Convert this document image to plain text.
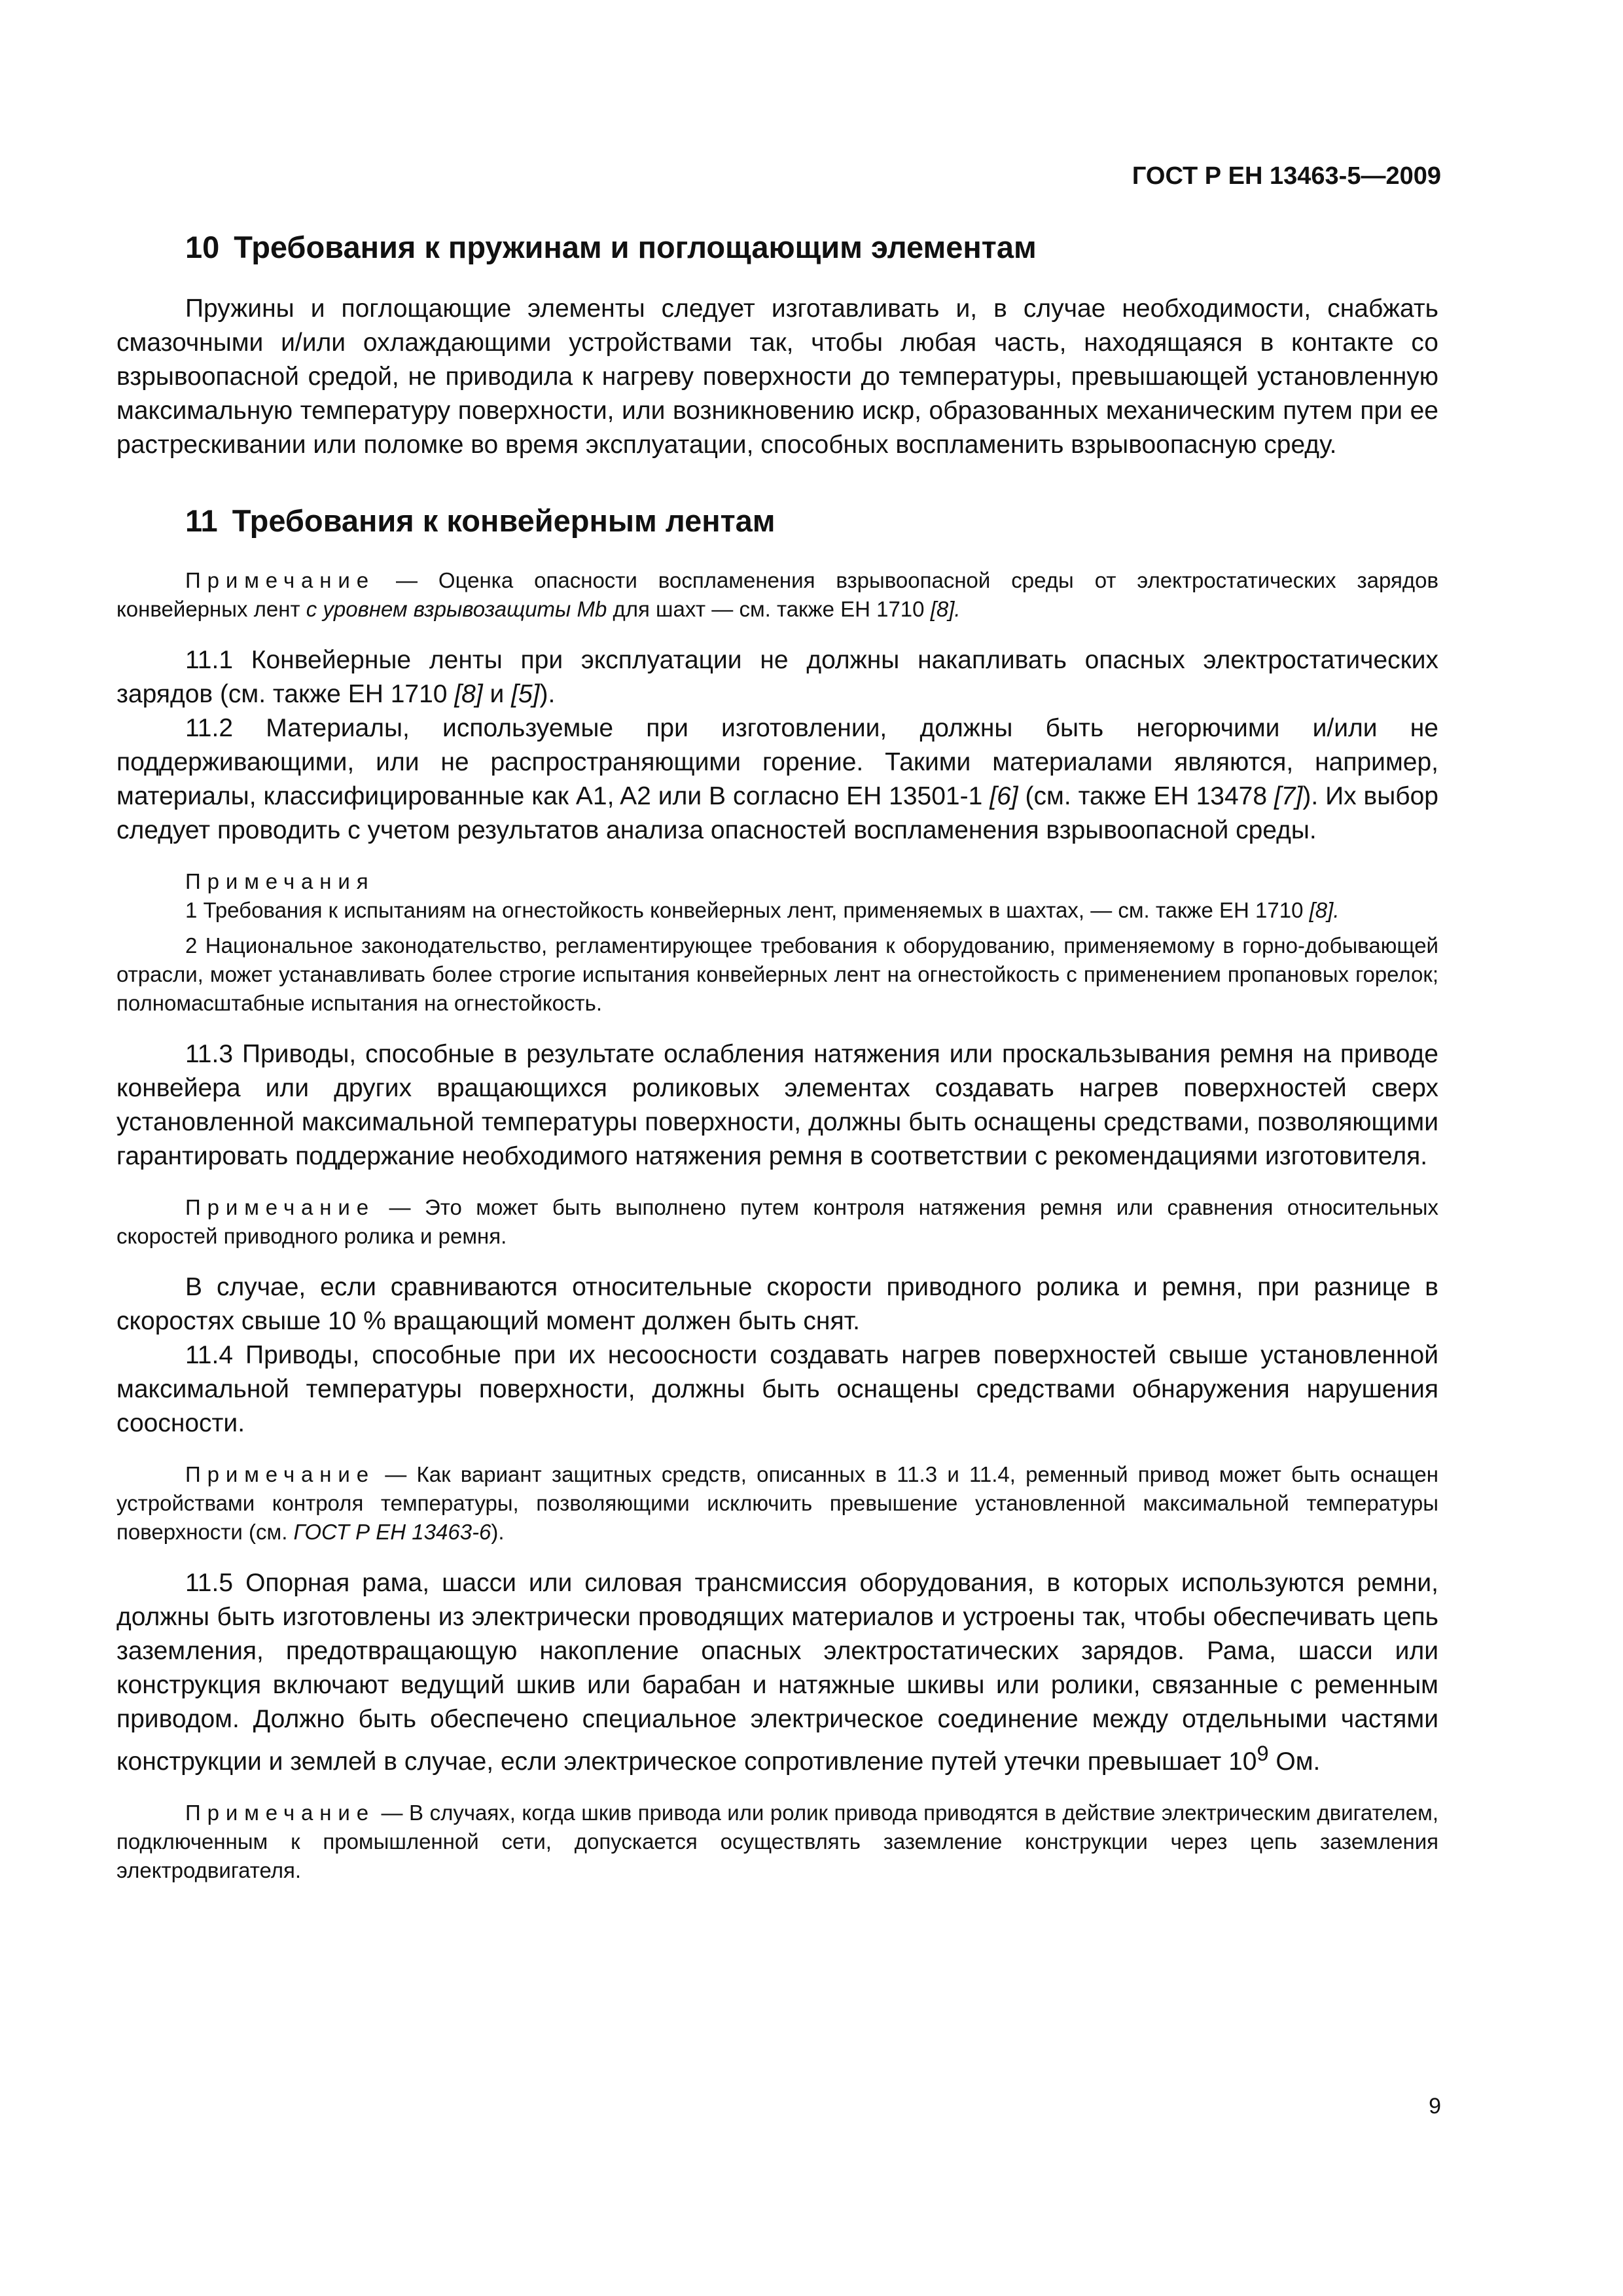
ГОСТ Р ЕН 13463-5—2009
10 Требования к пружинам и поглощающим элементам

Пружины и поглощающие элементы следует изготавливать и, в случае необходимости, снабжать смазочными и/или охлаждающими устройствами так, чтобы любая часть, находящаяся в контакте со взрывоопасной средой, не приводила к нагреву поверхности до температуры, превышающей установленную максимальную температуру поверхности, или возникновению искр, образованных механическим путем при ее растрескивании или поломке во время эксплуатации, способных воспламенить взрывоопасную среду.

11 Требования к конвейерным лентам

Примечание — Оценка опасности воспламенения взрывоопасной среды от электростатических зарядов конвейерных лент с уровнем взрывозащиты Mb для шахт — см. также ЕН 1710 [8].

11.1 Конвейерные ленты при эксплуатации не должны накапливать опасных электростатических зарядов (см. также ЕН 1710 [8] и [5]).

11.2 Материалы, используемые при изготовлении, должны быть негорючими и/или не поддерживающими, или не распространяющими горение. Такими материалами являются, например, материалы, классифицированные как A1, A2 или B согласно ЕН 13501-1 [6] (см. также ЕН 13478 [7]). Их выбор следует проводить с учетом результатов анализа опасностей воспламенения взрывоопасной среды.

Примечания

1 Требования к испытаниям на огнестойкость конвейерных лент, применяемых в шахтах, — см. также ЕН 1710 [8].

2 Национальное законодательство, регламентирующее требования к оборудованию, применяемому в горно-добывающей отрасли, может устанавливать более строгие испытания конвейерных лент на огнестойкость с применением пропановых горелок; полномасштабные испытания на огнестойкость.

11.3 Приводы, способные в результате ослабления натяжения или проскальзывания ремня на приводе конвейера или других вращающихся роликовых элементах создавать нагрев поверхностей сверх установленной максимальной температуры поверхности, должны быть оснащены средствами, позволяющими гарантировать поддержание необходимого натяжения ремня в соответствии с рекомендациями изготовителя.

Примечание — Это может быть выполнено путем контроля натяжения ремня или сравнения относительных скоростей приводного ролика и ремня.

В случае, если сравниваются относительные скорости приводного ролика и ремня, при разнице в скоростях свыше 10 % вращающий момент должен быть снят.

11.4 Приводы, способные при их несоосности создавать нагрев поверхностей свыше установленной максимальной температуры поверхности, должны быть оснащены средствами обнаружения нарушения соосности.

Примечание — Как вариант защитных средств, описанных в 11.3 и 11.4, ременный привод может быть оснащен устройствами контроля температуры, позволяющими исключить превышение установленной максимальной температуры поверхности (см. ГОСТ Р ЕН 13463-6).

11.5 Опорная рама, шасси или силовая трансмиссия оборудования, в которых используются ремни, должны быть изготовлены из электрически проводящих материалов и устроены так, чтобы обеспечивать цепь заземления, предотвращающую накопление опасных электростатических зарядов. Рама, шасси или конструкция включают ведущий шкив или барабан и натяжные шкивы или ролики, связанные с ременным приводом. Должно быть обеспечено специальное электрическое соединение между отдельными частями конструкции и землей в случае, если электрическое сопротивление путей утечки превышает $10^9$ Ом.

Примечание — В случаях, когда шкив привода или ролик привода приводятся в действие электрическим двигателем, подключенным к промышленной сети, допускается осуществлять заземление конструкции через цепь заземления электродвигателя.

9
